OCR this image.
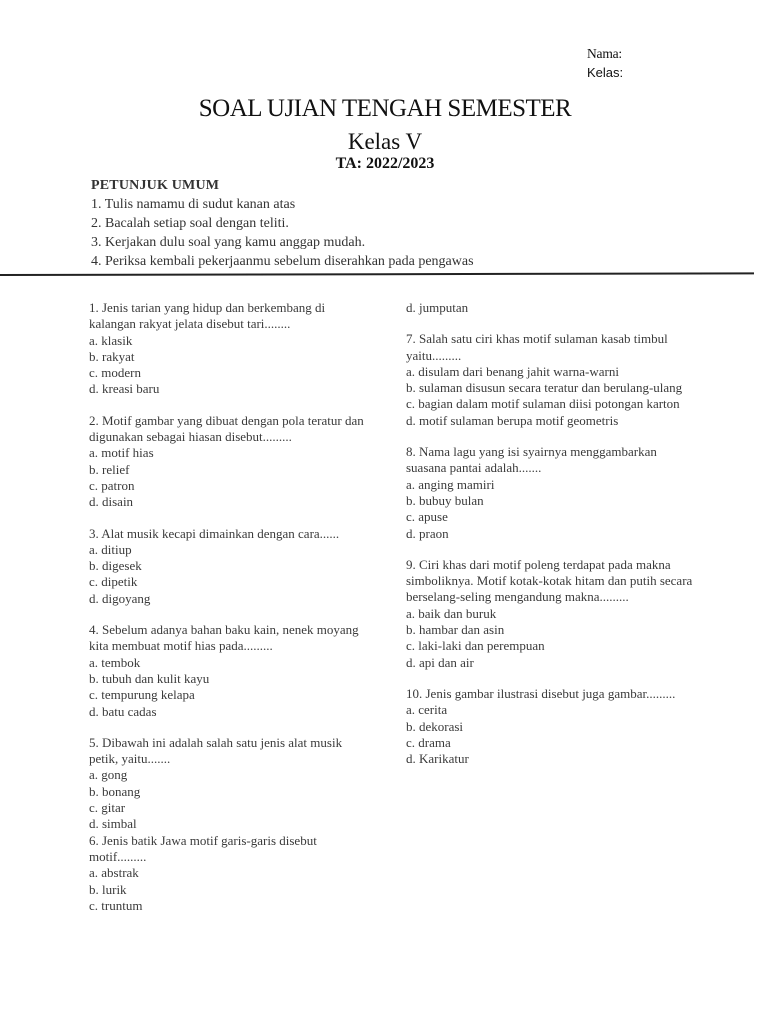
Nama:
Kelas:
SOAL UJIAN TENGAH SEMESTER
Kelas V
TA: 2022/2023
PETUNJUK UMUM
1. Tulis namamu di sudut kanan atas
2. Bacalah setiap soal dengan teliti.
3. Kerjakan dulu soal yang kamu anggap mudah.
4. Periksa kembali pekerjaanmu sebelum diserahkan pada pengawas
1. Jenis tarian yang hidup dan berkembang di kalangan rakyat jelata disebut tari........
a. klasik
b. rakyat
c. modern
d. kreasi baru
2. Motif gambar yang dibuat dengan pola teratur dan digunakan sebagai hiasan disebut.........
a. motif hias
b. relief
c. patron
d. disain
3. Alat musik kecapi dimainkan dengan cara......
a. ditiup
b. digesek
c. dipetik
d. digoyang
4. Sebelum adanya bahan baku kain, nenek moyang kita membuat motif hias pada.........
a. tembok
b. tubuh dan kulit kayu
c. tempurung kelapa
d. batu cadas
5. Dibawah ini adalah salah satu jenis alat musik petik, yaitu.......
a. gong
b. bonang
c. gitar
d. simbal
6. Jenis batik Jawa motif garis-garis disebut motif.........
a. abstrak
b. lurik
c. truntum
d. jumputan
7. Salah satu ciri khas motif sulaman kasab timbul yaitu.........
a. disulam dari benang jahit warna-warni
b. sulaman disusun secara teratur dan berulang-ulang
c. bagian dalam motif sulaman diisi potongan karton
d. motif sulaman berupa motif geometris
8. Nama lagu yang isi syairnya menggambarkan suasana pantai adalah.......
a. anging mamiri
b. bubuy bulan
c. apuse
d. praon
9. Ciri khas dari motif poleng terdapat pada makna simboliknya. Motif kotak-kotak hitam dan putih secara berselang-seling mengandung makna.........
a. baik dan buruk
b. hambar dan asin
c. laki-laki dan perempuan
d. api dan air
10. Jenis gambar ilustrasi disebut juga gambar.........
a. cerita
b. dekorasi
c. drama
d. Karikatur
